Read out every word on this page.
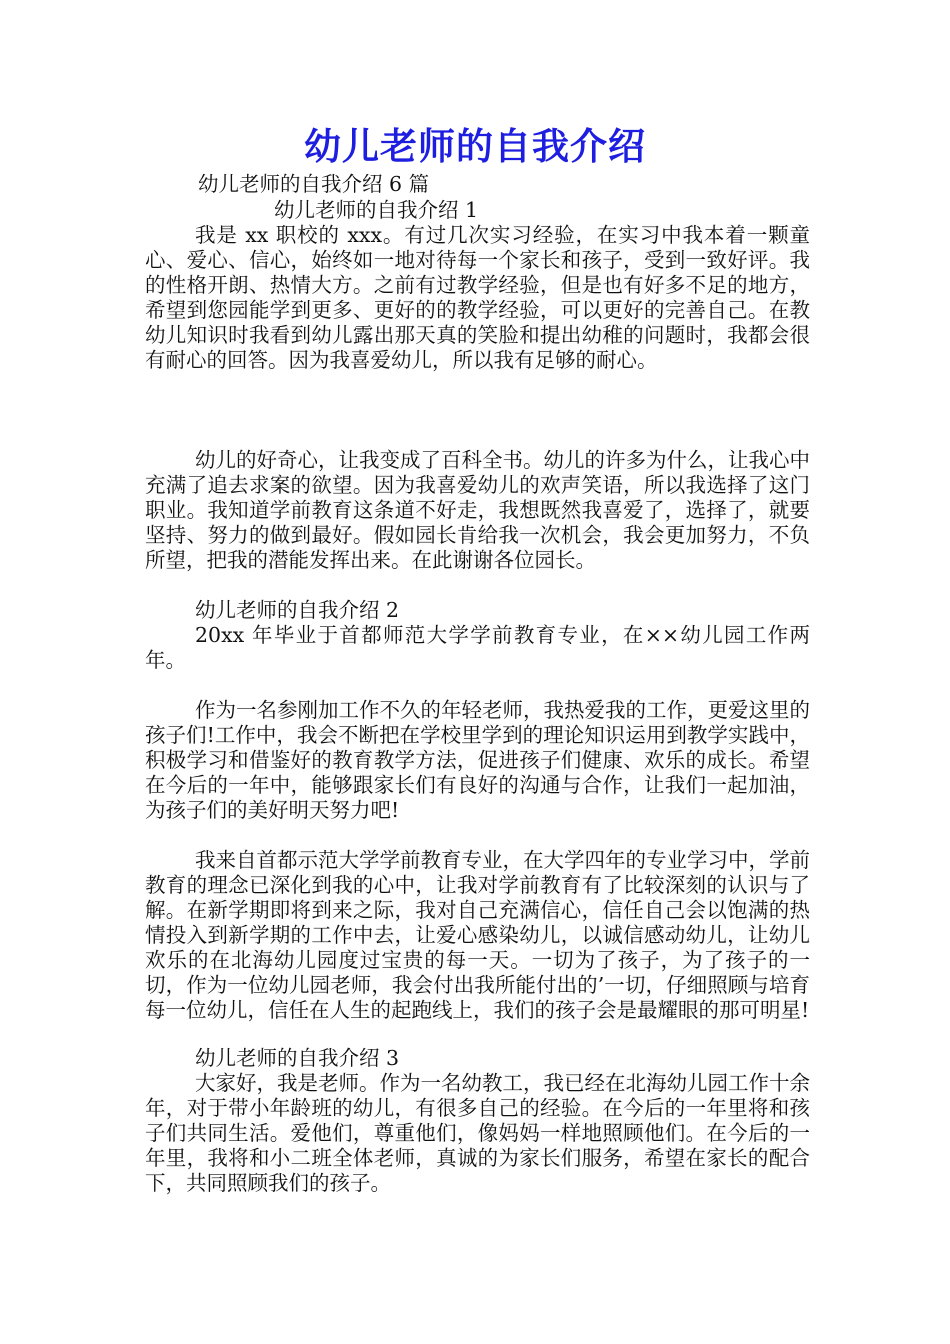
幼儿老师的自我介绍
幼儿老师的自我介绍 6 篇
幼儿老师的自我介绍 1

我是 xx 职校的 xxx。有过几次实习经验，在实习中我本着一颗童心、爱心、信心，始终如一地对待每一个家长和孩子，受到一致好评。我的性格开朗、热情大方。之前有过教学经验，但是也有好多不足的地方，希望到您园能学到更多、更好的的教学经验，可以更好的完善自己。在教幼儿知识时我看到幼儿露出那天真的笑脸和提出幼稚的问题时，我都会很有耐心的回答。因为我喜爱幼儿，所以我有足够的耐心。

幼儿的好奇心，让我变成了百科全书。幼儿的许多为什么，让我心中充满了追去求案的欲望。因为我喜爱幼儿的欢声笑语，所以我选择了这门职业。我知道学前教育这条道不好走，我想既然我喜爱了，选择了，就要坚持、努力的做到最好。假如园长肯给我一次机会，我会更加努力，不负所望，把我的潜能发挥出来。在此谢谢各位园长。

幼儿老师的自我介绍 2

20xx 年毕业于首都师范大学学前教育专业，在××幼儿园工作两年。

作为一名参刚加工作不久的年轻老师，我热爱我的工作，更爱这里的孩子们!工作中，我会不断把在学校里学到的理论知识运用到教学实践中，积极学习和借鉴好的教育教学方法，促进孩子们健康、欢乐的成长。希望在今后的一年中，能够跟家长们有良好的沟通与合作，让我们一起加油，为孩子们的美好明天努力吧!

我来自首都示范大学学前教育专业，在大学四年的专业学习中，学前教育的理念已深化到我的心中，让我对学前教育有了比较深刻的认识与了解。在新学期即将到来之际，我对自己充满信心，信任自己会以饱满的热情投入到新学期的工作中去，让爱心感染幼儿，以诚信感动幼儿，让幼儿欢乐的在北海幼儿园度过宝贵的每一天。一切为了孩子，为了孩子的一切，作为一位幼儿园老师，我会付出我所能付出的’一切，仔细照顾与培育每一位幼儿，信任在人生的起跑线上，我们的孩子会是最耀眼的那可明星!

幼儿老师的自我介绍 3

大家好，我是老师。作为一名幼教工，我已经在北海幼儿园工作十余年，对于带小年龄班的幼儿，有很多自己的经验。在今后的一年里将和孩子们共同生活。爱他们，尊重他们，像妈妈一样地照顾他们。在今后的一年里，我将和小二班全体老师，真诚的为家长们服务，希望在家长的配合下，共同照顾我们的孩子。
